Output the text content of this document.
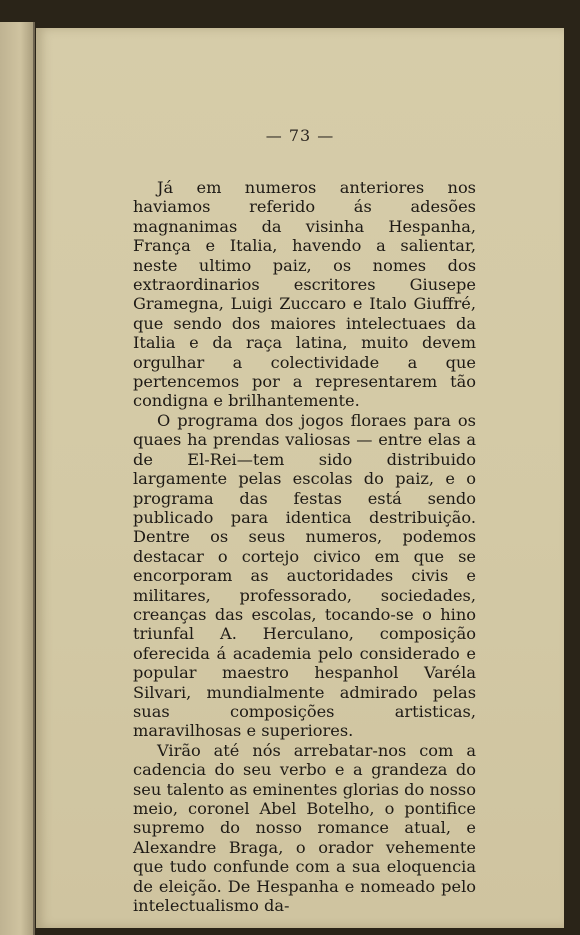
— 73 —

Já em numeros anteriores nos haviamos referido ás adesões magnanimas da visinha Hespanha, França e Italia, havendo a salientar, neste ultimo paiz, os nomes dos extraordinarios escritores Giusepe Gramegna, Luigi Zuccaro e Italo Giuffré, que sendo dos maiores intelectuaes da Italia e da raça latina, muito devem orgulhar a colectividade a que pertencemos por a representarem tão condigna e brilhantemente.

O programa dos jogos floraes para os quaes ha prendas valiosas — entre elas a de El-Rei—tem sido distribuido largamente pelas escolas do paiz, e o programa das festas está sendo publicado para identica destribuição. Dentre os seus numeros, podemos destacar o cortejo civico em que se encorporam as auctoridades civis e militares, professorado, sociedades, creanças das escolas, tocando-se o hino triunfal A. Herculano, composição oferecida á academia pelo considerado e popular maestro hespanhol Varéla Silvari, mundialmente admirado pelas suas composições artisticas, maravilhosas e superiores.

Virão até nós arrebatar-nos com a cadencia do seu verbo e a grandeza do seu talento as eminentes glorias do nosso meio, coronel Abel Botelho, o pontifice supremo do nosso romance atual, e Alexandre Braga, o orador vehemente que tudo confunde com a sua eloquencia de eleição. De Hespanha e nomeado pelo intelectualismo da-
